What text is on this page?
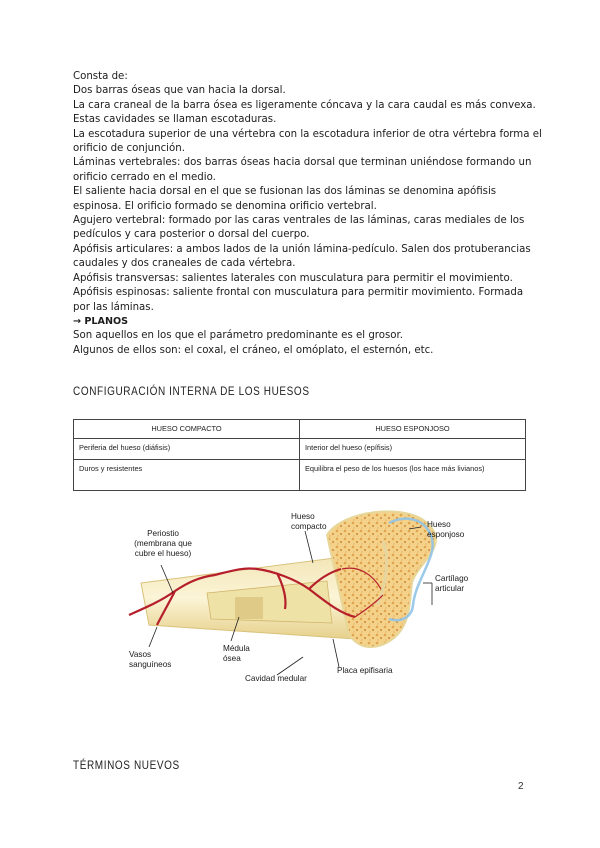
Consta de:

Dos barras óseas que van hacia la dorsal.

La cara craneal de la barra ósea es ligeramente cóncava y la cara caudal es más convexa. Estas cavidades se llaman escotaduras.

La escotadura superior de una vértebra con la escotadura inferior de otra vértebra forma el orificio de conjunción.

Láminas vertebrales: dos barras óseas hacia dorsal que terminan uniéndose formando un orificio cerrado en el medio.

El saliente hacia dorsal en el que se fusionan las dos láminas se denomina apófisis espinosa. El orificio formado se denomina orificio vertebral.

Agujero vertebral: formado por las caras ventrales de las láminas, caras mediales de los pedículos y cara posterior o dorsal del cuerpo.

Apófisis articulares: a ambos lados de la unión lámina-pedículo. Salen dos protuberancias caudales y dos craneales de cada vértebra.

Apófisis transversas: salientes laterales con musculatura para permitir el movimiento.

Apófisis espinosas: saliente frontal con musculatura para permitir movimiento. Formada por las láminas.

→ PLANOS

Son aquellos en los que el parámetro predominante es el grosor.

Algunos de ellos son: el coxal, el cráneo, el omóplato, el esternón, etc.

CONFIGURACIÓN INTERNA DE LOS HUESOS
HUESO COMPACTO	HUESO ESPONJOSO
Periferia del hueso (diáfisis)	Interior del hueso (epífisis)
Duros y resistentes	Equilibra el peso de los huesos (los hace más livianos)
Periostio
(membrana que
cubre el hueso)
Hueso
compacto	Hueso
esponjoso
Cartílago
articular
Vasos
sanguíneos
Médula
ósea
Placa epifisaria
Cavidad medular
TÉRMINOS NUEVOS
2
